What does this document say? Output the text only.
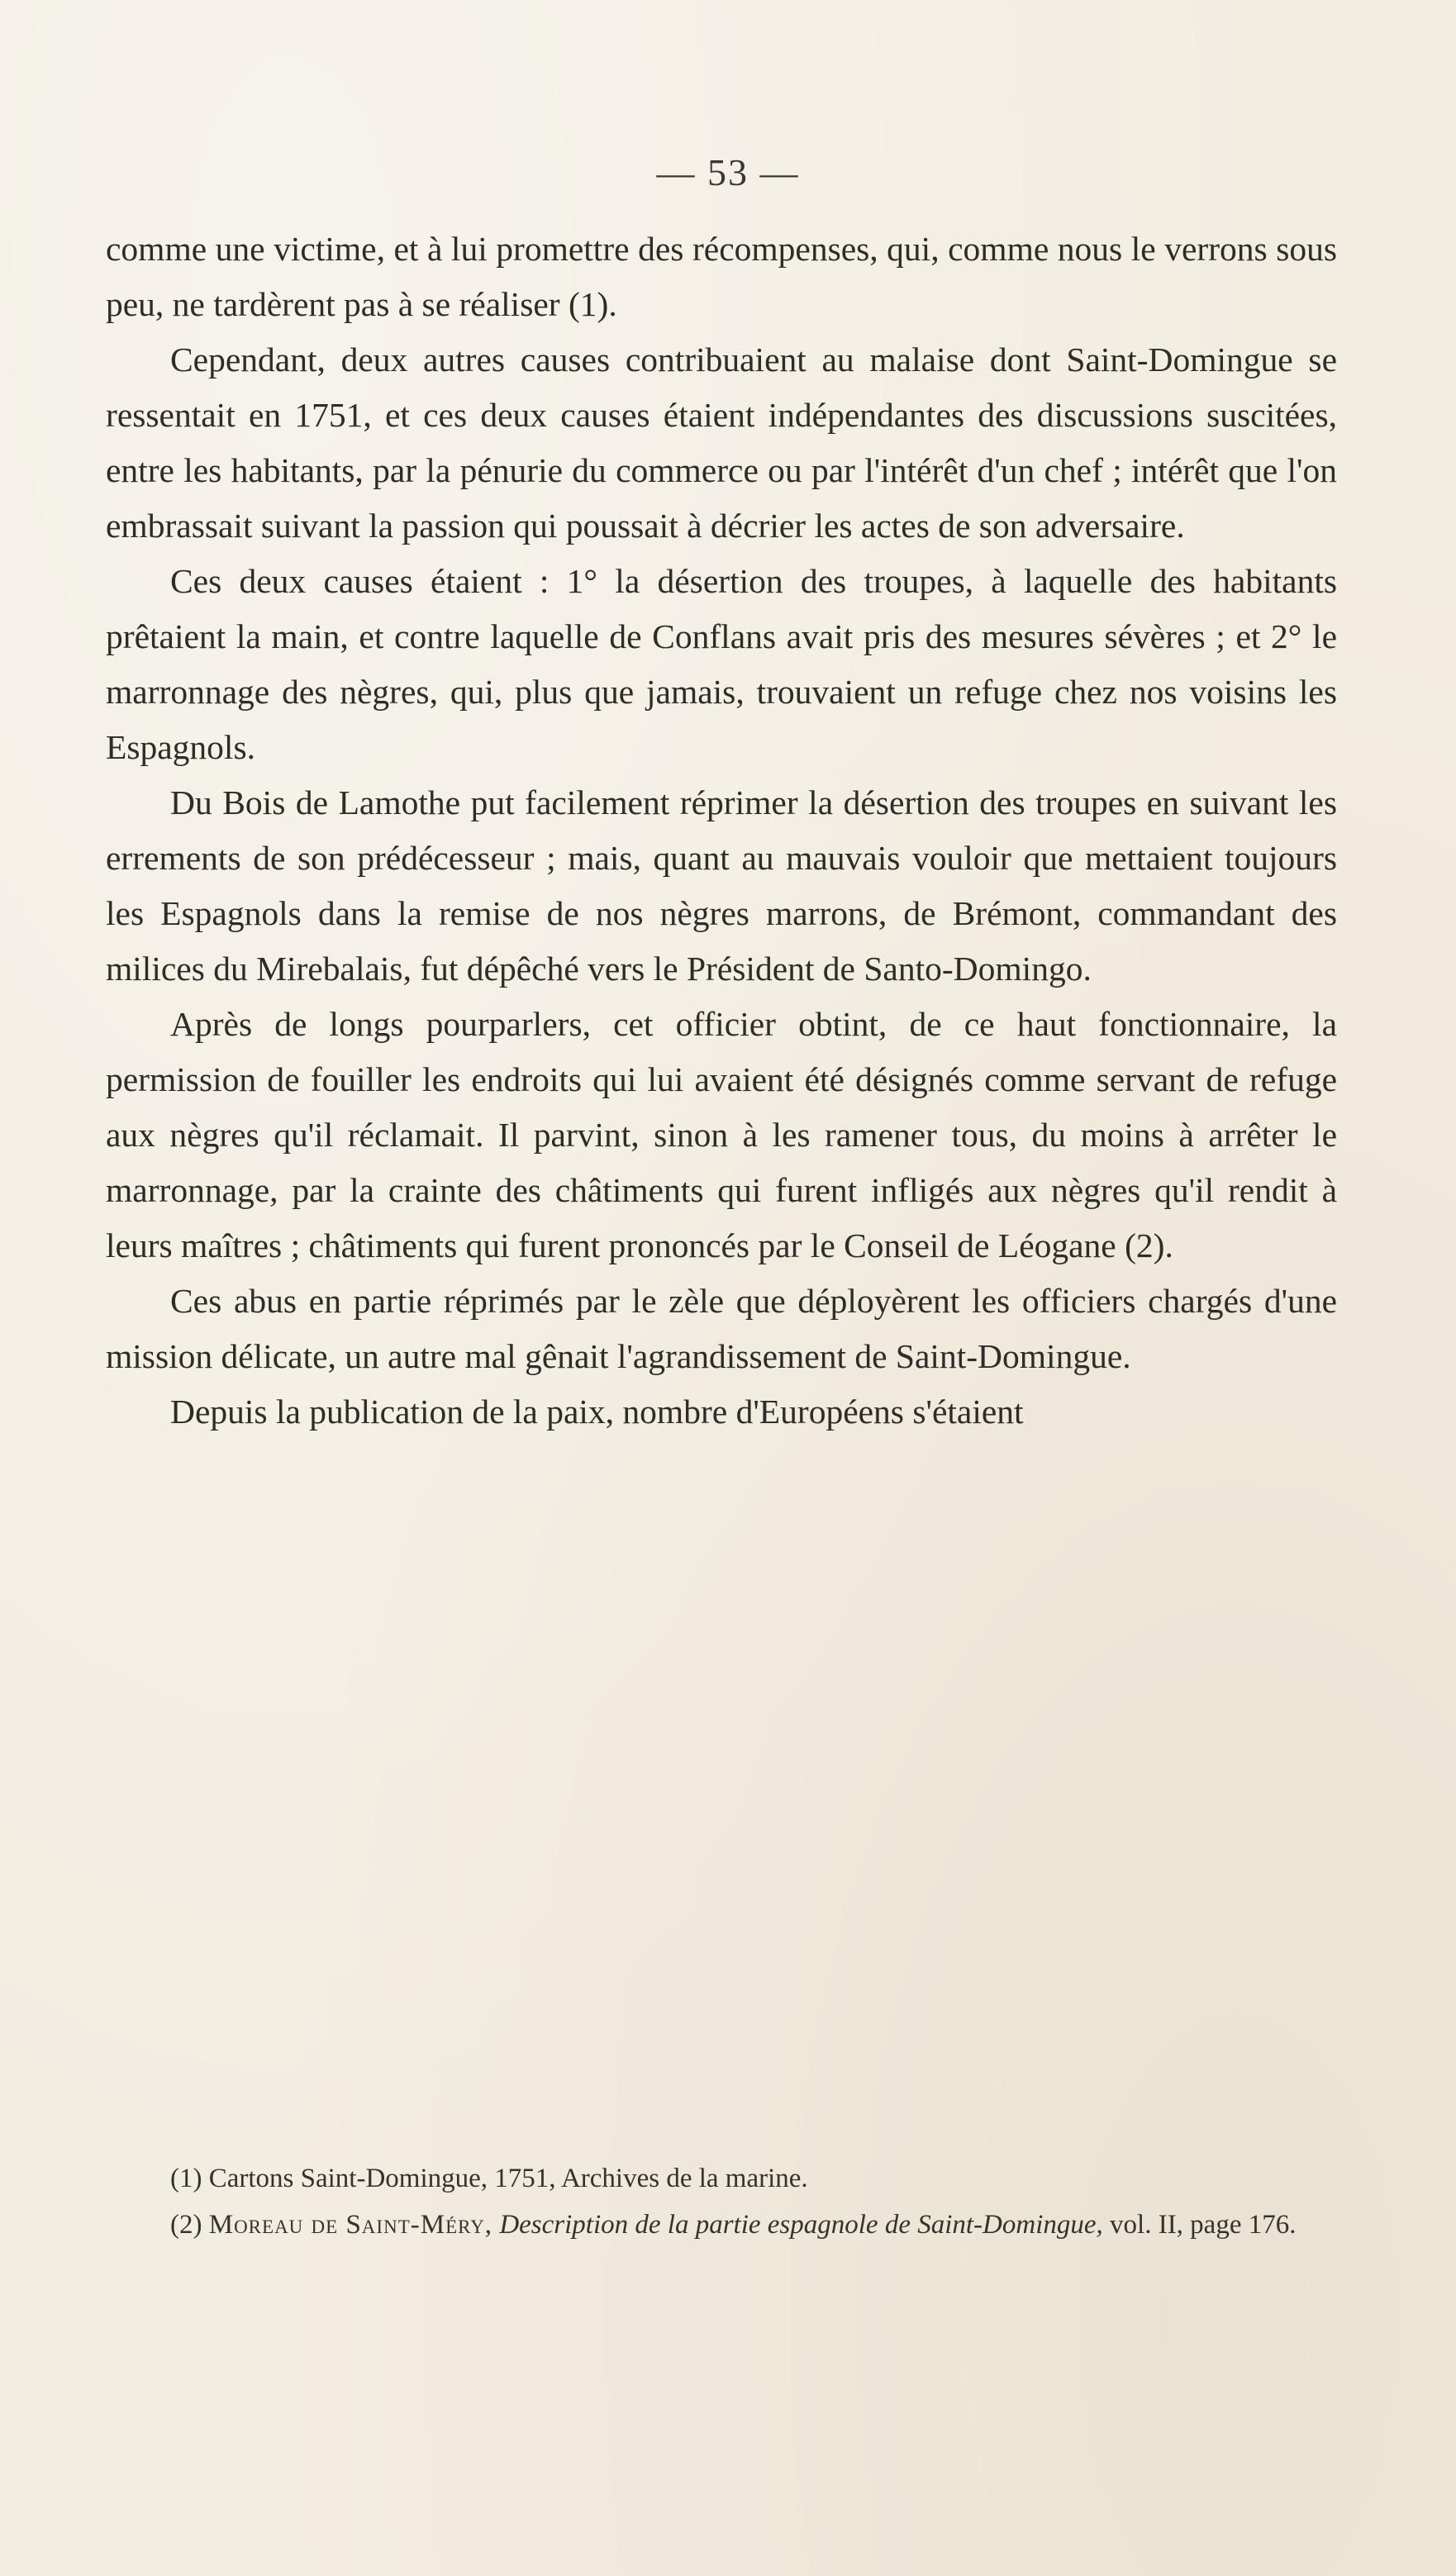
— 53 —

comme une victime, et à lui promettre des récompenses, qui, comme nous le verrons sous peu, ne tardèrent pas à se réaliser (1).

Cependant, deux autres causes contribuaient au malaise dont Saint-Domingue se ressentait en 1751, et ces deux causes étaient indépendantes des discussions suscitées, entre les habitants, par la pénurie du commerce ou par l'intérêt d'un chef ; intérêt que l'on embrassait suivant la passion qui poussait à décrier les actes de son adversaire.

Ces deux causes étaient : 1° la désertion des troupes, à laquelle des habitants prêtaient la main, et contre laquelle de Conflans avait pris des mesures sévères ; et 2° le marronnage des nègres, qui, plus que jamais, trouvaient un refuge chez nos voisins les Espagnols.

Du Bois de Lamothe put facilement réprimer la désertion des troupes en suivant les errements de son prédécesseur ; mais, quant au mauvais vouloir que mettaient toujours les Espagnols dans la remise de nos nègres marrons, de Brémont, commandant des milices du Mirebalais, fut dépêché vers le Président de Santo-Domingo.

Après de longs pourparlers, cet officier obtint, de ce haut fonctionnaire, la permission de fouiller les endroits qui lui avaient été désignés comme servant de refuge aux nègres qu'il réclamait. Il parvint, sinon à les ramener tous, du moins à arrêter le marronnage, par la crainte des châtiments qui furent infligés aux nègres qu'il rendit à leurs maîtres ; châtiments qui furent prononcés par le Conseil de Léogane (2).

Ces abus en partie réprimés par le zèle que déployèrent les officiers chargés d'une mission délicate, un autre mal gênait l'agrandissement de Saint-Domingue.

Depuis la publication de la paix, nombre d'Européens s'étaient

(1) Cartons Saint-Domingue, 1751, Archives de la marine.

(2) Moreau de Saint-Méry, Description de la partie espagnole de Saint-Domingue, vol. II, page 176.
